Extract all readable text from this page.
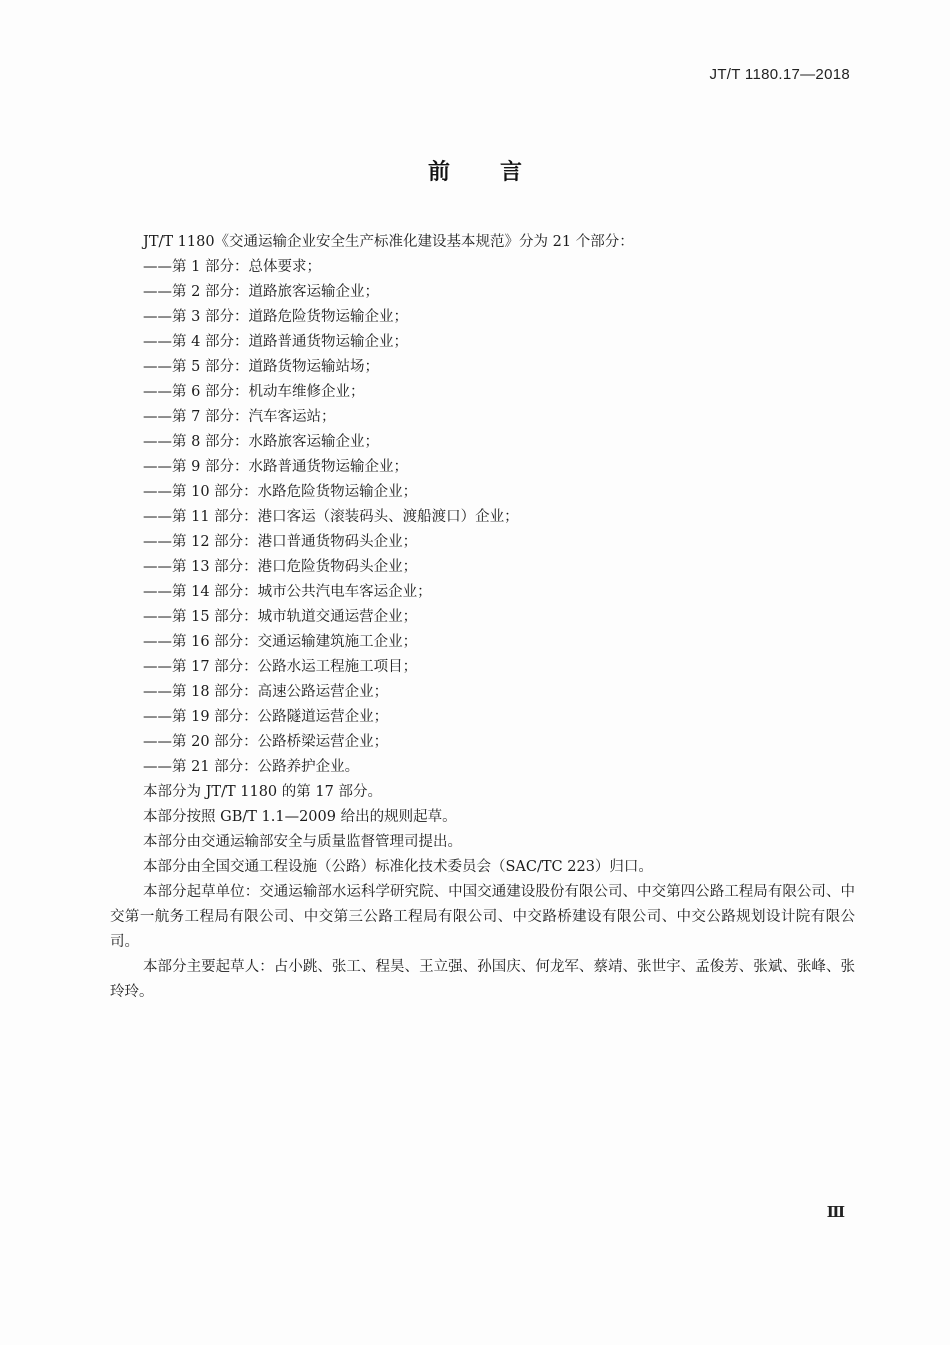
JT/T 1180.17—2018
前言

JT/T 1180《交通运输企业安全生产标准化建设基本规范》分为 21 个部分：

——第 1 部分：总体要求；

——第 2 部分：道路旅客运输企业；

——第 3 部分：道路危险货物运输企业；

——第 4 部分：道路普通货物运输企业；

——第 5 部分：道路货物运输站场；

——第 6 部分：机动车维修企业；

——第 7 部分：汽车客运站；

——第 8 部分：水路旅客运输企业；

——第 9 部分：水路普通货物运输企业；

——第 10 部分：水路危险货物运输企业；

——第 11 部分：港口客运（滚装码头、渡船渡口）企业；

——第 12 部分：港口普通货物码头企业；

——第 13 部分：港口危险货物码头企业；

——第 14 部分：城市公共汽电车客运企业；

——第 15 部分：城市轨道交通运营企业；

——第 16 部分：交通运输建筑施工企业；

——第 17 部分：公路水运工程施工项目；

——第 18 部分：高速公路运营企业；

——第 19 部分：公路隧道运营企业；

——第 20 部分：公路桥梁运营企业；

——第 21 部分：公路养护企业。

本部分为 JT/T 1180 的第 17 部分。

本部分按照 GB/T 1.1—2009 给出的规则起草。

本部分由交通运输部安全与质量监督管理司提出。

本部分由全国交通工程设施（公路）标准化技术委员会（SAC/TC 223）归口。

本部分起草单位：交通运输部水运科学研究院、中国交通建设股份有限公司、中交第四公路工程局有限公司、中交第一航务工程局有限公司、中交第三公路工程局有限公司、中交路桥建设有限公司、中交公路规划设计院有限公司。

本部分主要起草人：占小跳、张工、程昊、王立强、孙国庆、何龙军、蔡靖、张世宇、孟俊芳、张斌、张峰、张玲玲。

Ⅲ
